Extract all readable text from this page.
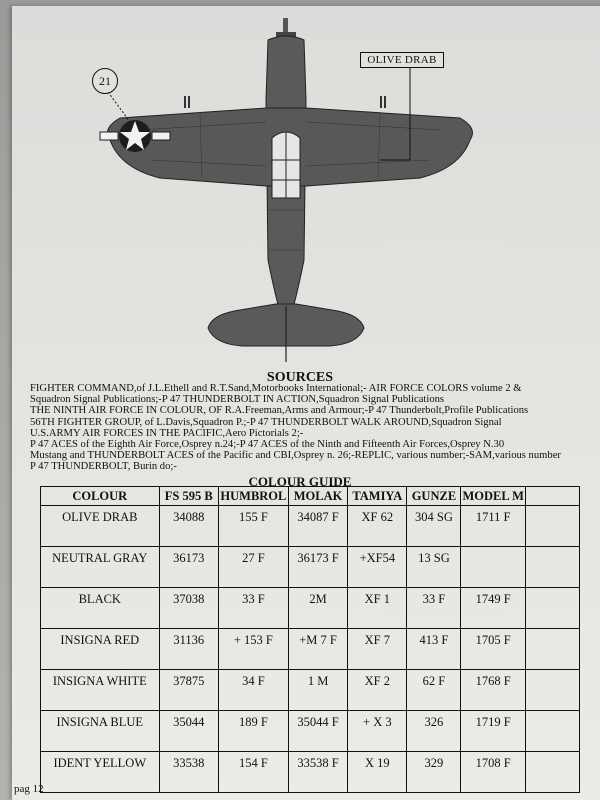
21
OLIVE DRAB
SOURCES
FIGHTER COMMAND,of J.L.Ethell and R.T.Sand,Motorbooks International;- AIR FORCE COLORS volume 2 &
Squadron Signal Publications;-P 47 THUNDERBOLT IN ACTION,Squadron Signal Publications
THE NINTH AIR FORCE IN COLOUR, OF R.A.Freeman,Arms and Armour;-P 47 Thunderbolt,Profile Publications
56TH FIGHTER GROUP, of L.Davis,Squadron P.;-P 47 THUNDERBOLT WALK AROUND,Squadron Signal
U.S.ARMY AIR FORCES IN THE PACIFIC,Aero Pictorials 2;-
P 47 ACES of the Eighth Air Force,Osprey n.24;-P 47 ACES of the Ninth and Fifteenth Air Forces,Osprey N.30
Mustang and THUNDERBOLT ACES of the Pacific and CBI,Osprey n. 26;-REPLIC, various number;-SAM,various number
P 47 THUNDERBOLT, Burin do;-
COLOUR GUIDE
COLOUR	FS 595 B	HUMBROL	MOLAK	TAMIYA	GUNZE	MODEL M	
OLIVE DRAB	34088	155 F	34087 F	XF 62	304 SG	1711 F	
NEUTRAL GRAY	36173	27 F	36173 F	+XF54	13 SG		
BLACK	37038	33 F	2M	XF 1	33 F	1749 F	
INSIGNA RED	31136	+ 153 F	+M 7 F	XF 7	413 F	1705 F	
INSIGNA WHITE	37875	34 F	1 M	XF 2	62 F	1768 F	
INSIGNA BLUE	35044	189 F	35044 F	+ X 3	326	1719 F	
IDENT YELLOW	33538	154 F	33538 F	X 19	329	1708 F	
pag 12
